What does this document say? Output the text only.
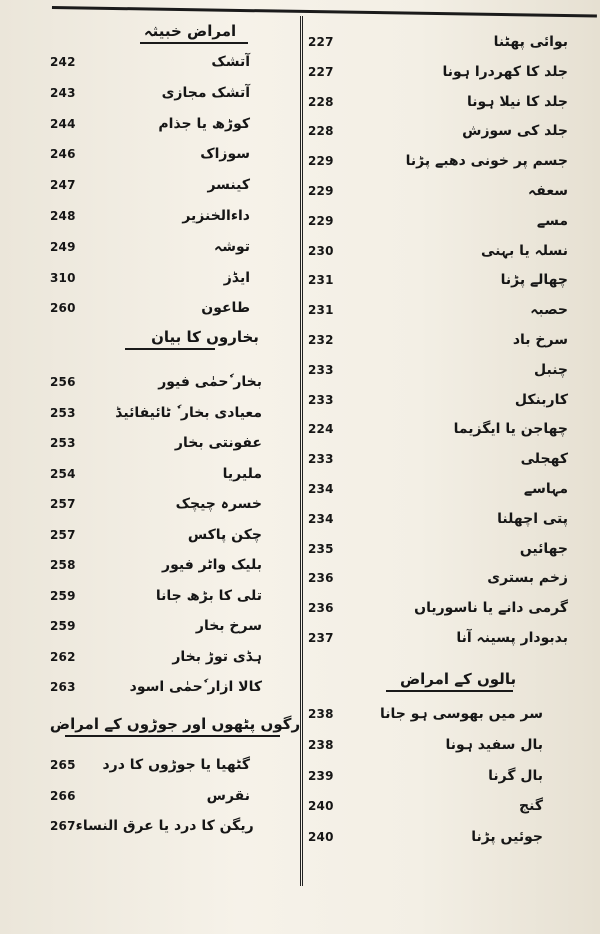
امراض خبیثہ
242	آتشک
243	آتشک مجازی
244	کوڑھ یا جذام
246	سوزاک
247	کینسر
248	داءالخنزیر
249	توشہ
310	ایڈز
260	طاعون
بخاروں کا بیان
256	بخار ٗحمٰی فیور
253	معیادی بخار ٗ ٹائیفائیڈ
253	عفونتی بخار
254	ملیریا
257	خسرہ چیچک
257	چکن پاکس
258	بلیک واٹر فیور
259	تلی کا بڑھ جانا
259	سرخ بخار
262	ہڈی توڑ بخار
263	کالا ازار ٗحمٰی اسود
رگوں پٹھوں اور جوڑوں کے امراض
265 گٹھیا یا جوڑوں کا درد
266	نقرس
267 ریگن کا درد یا عرق النساء
227	بوائی پھٹنا
227	جلد کا کھردرا ہونا
228	جلد کا نیلا ہونا
228	جلد کی سوزش
229	جسم پر خونی دھبے پڑنا
229	سعفہ
229	مسے
230	نسلہ یا بہنی
231	چھالے پڑنا
231	حصبہ
232	سرخ باد
233	چنبل
233	کاربنکل
224	چھاجن یا ایگزیما
233	کھجلی
234	مہاسے
234	پتی اچھلنا
235	جھائیں
236	زخم بستری
236	گرمی دانے یا ناسوریاں
237	بدبودار پسینہ آنا
بالوں کے امراض
238	سر میں بھوسی ہو جانا
238	بال سفید ہونا
239	بال گرنا
240	گنج
240	جوئیں پڑنا
